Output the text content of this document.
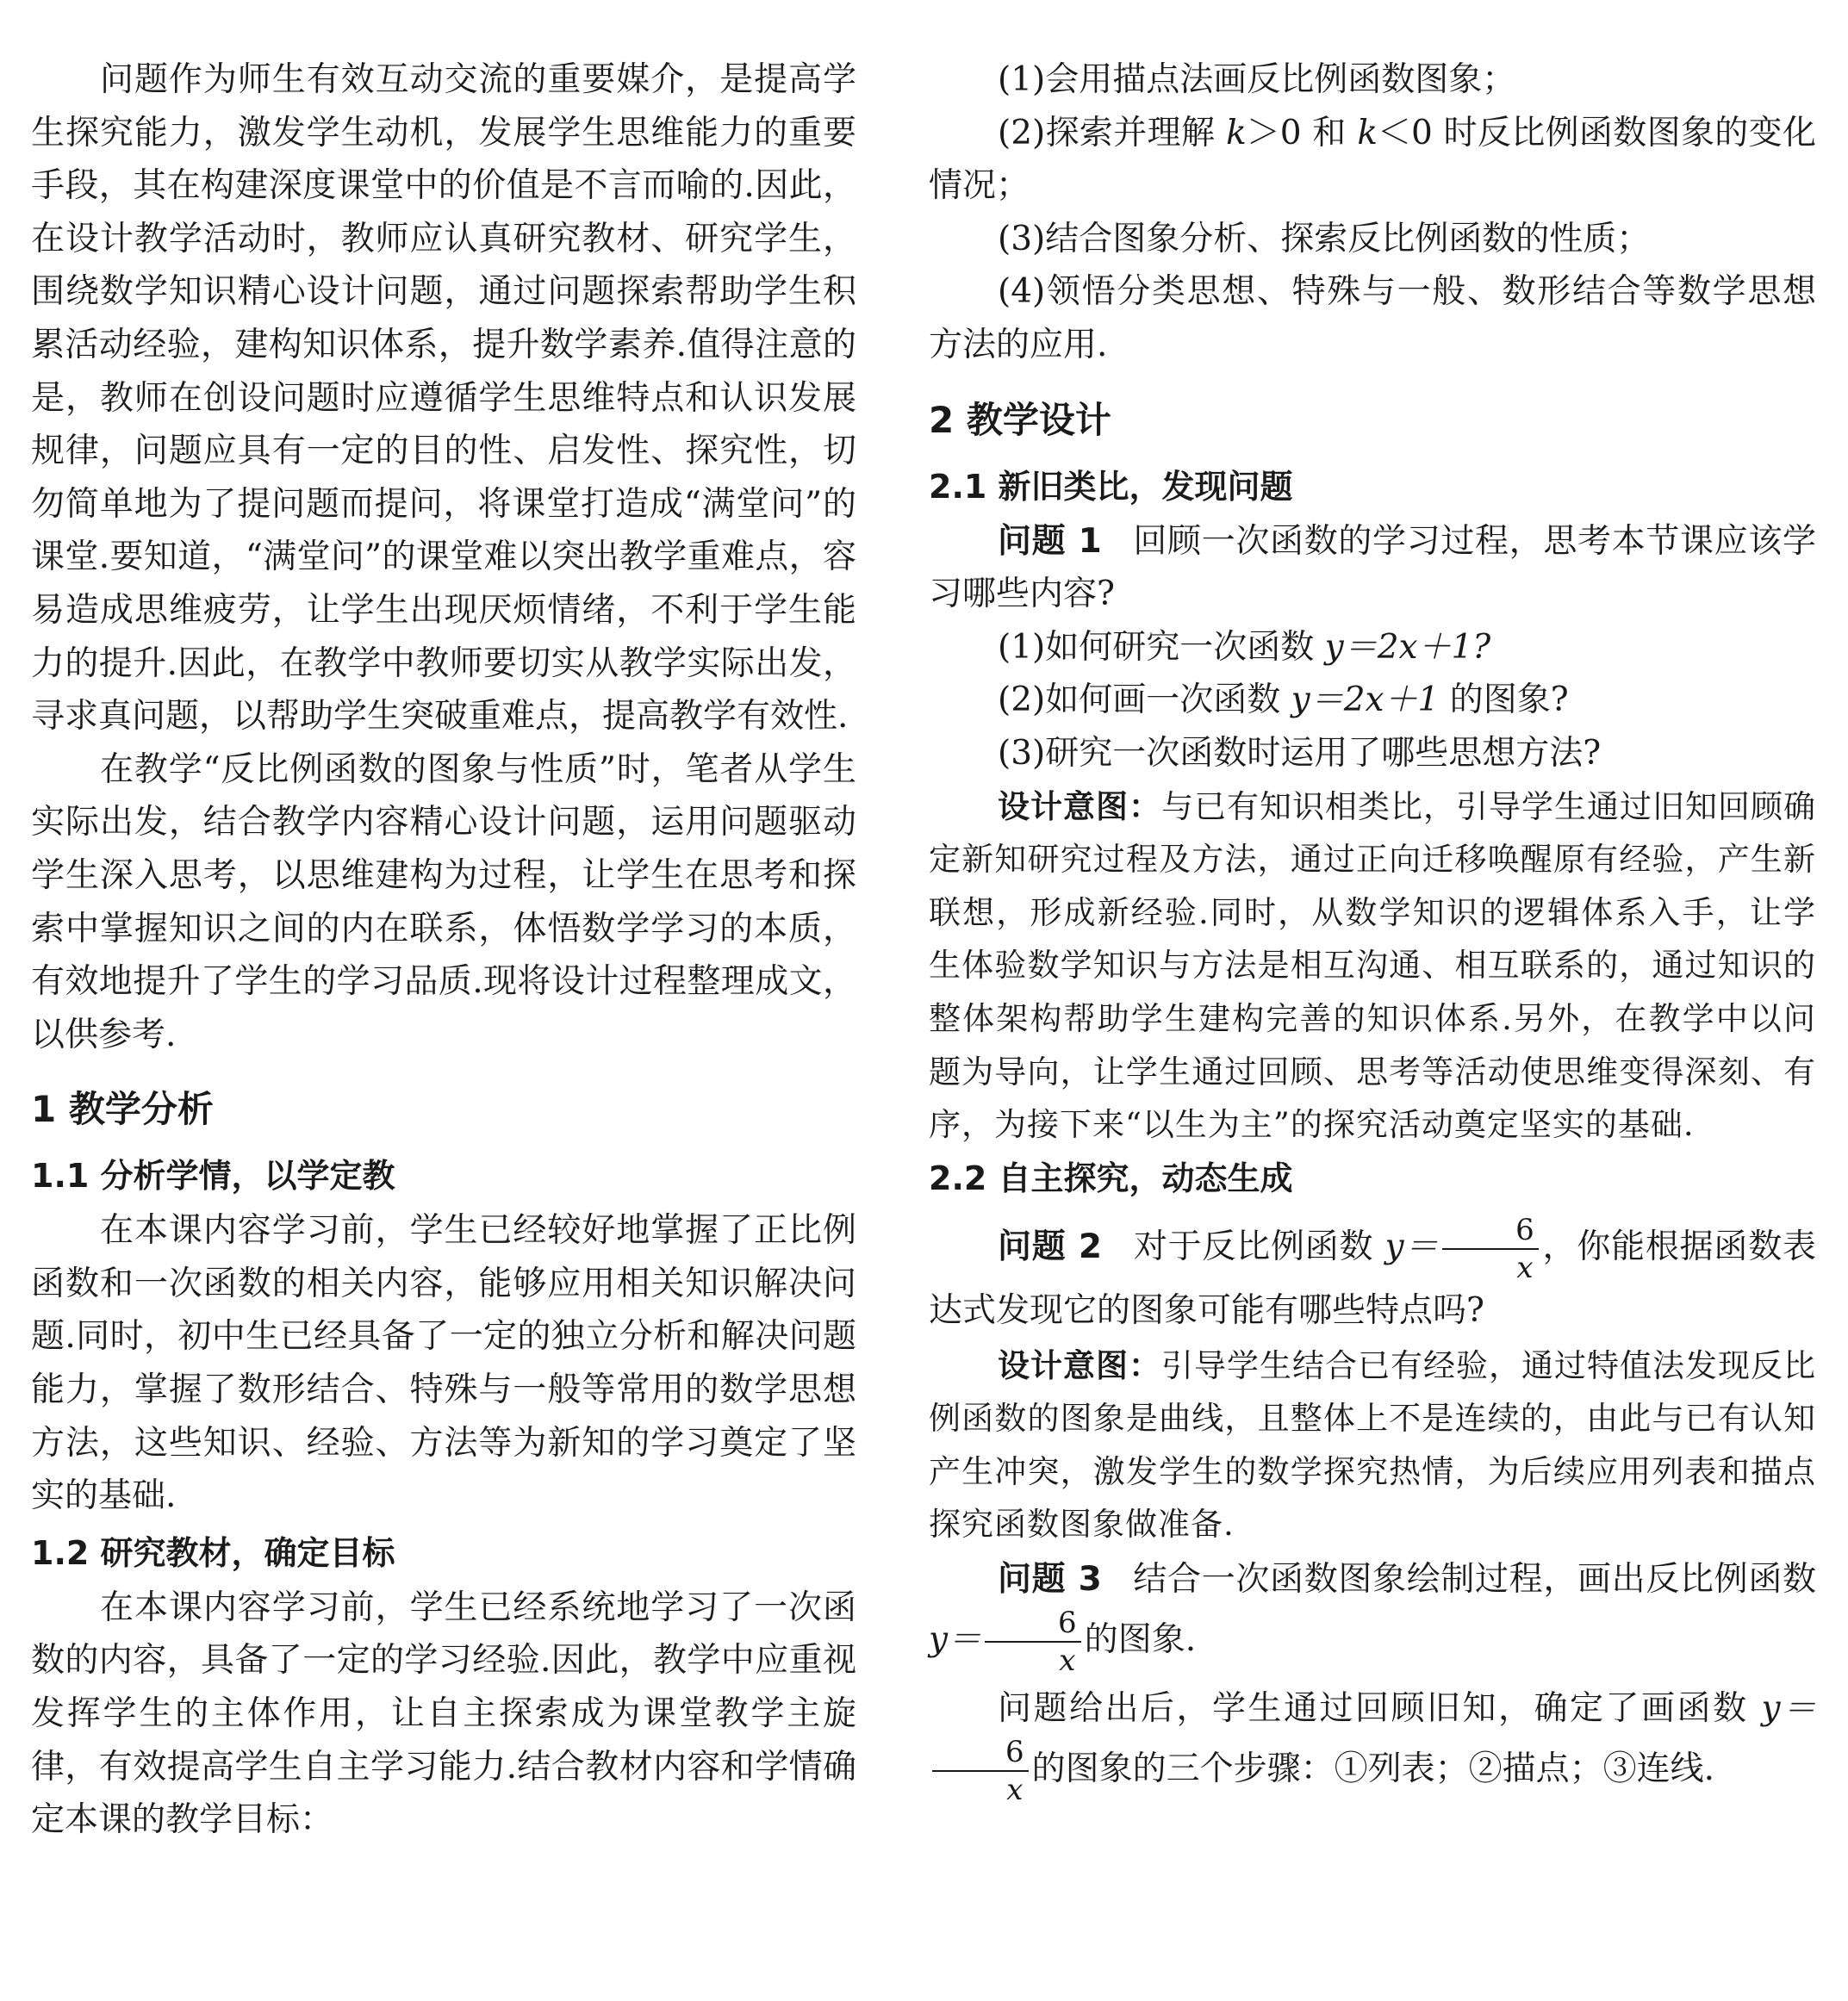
问题作为师生有效互动交流的重要媒介，是提高学生探究能力，激发学生动机，发展学生思维能力的重要手段，其在构建深度课堂中的价值是不言而喻的.因此，在设计教学活动时，教师应认真研究教材、研究学生，围绕数学知识精心设计问题，通过问题探索帮助学生积累活动经验，建构知识体系，提升数学素养.值得注意的是，教师在创设问题时应遵循学生思维特点和认识发展规律，问题应具有一定的目的性、启发性、探究性，切勿简单地为了提问题而提问，将课堂打造成“满堂问”的课堂.要知道，“满堂问”的课堂难以突出教学重难点，容易造成思维疲劳，让学生出现厌烦情绪，不利于学生能力的提升.因此，在教学中教师要切实从教学实际出发，寻求真问题，以帮助学生突破重难点，提高教学有效性.

在教学“反比例函数的图象与性质”时，笔者从学生实际出发，结合教学内容精心设计问题，运用问题驱动学生深入思考，以思维建构为过程，让学生在思考和探索中掌握知识之间的内在联系，体悟数学学习的本质，有效地提升了学生的学习品质.现将设计过程整理成文，以供参考.

1 教学分析
1.1 分析学情，以学定教

在本课内容学习前，学生已经较好地掌握了正比例函数和一次函数的相关内容，能够应用相关知识解决问题.同时，初中生已经具备了一定的独立分析和解决问题能力，掌握了数形结合、特殊与一般等常用的数学思想方法，这些知识、经验、方法等为新知的学习奠定了坚实的基础.

1.2 研究教材，确定目标

在本课内容学习前，学生已经系统地学习了一次函数的内容，具备了一定的学习经验.因此，教学中应重视发挥学生的主体作用，让自主探索成为课堂教学主旋律，有效提高学生自主学习能力.结合教材内容和学情确定本课的教学目标：

(1)会用描点法画反比例函数图象；

(2)探索并理解 k＞0 和 k＜0 时反比例函数图象的变化情况；

(3)结合图象分析、探索反比例函数的性质；

(4)领悟分类思想、特殊与一般、数形结合等数学思想方法的应用.

2 教学设计
2.1 新旧类比，发现问题

问题 1 回顾一次函数的学习过程，思考本节课应该学习哪些内容?

(1)如何研究一次函数 y＝2x＋1?

(2)如何画一次函数 y＝2x＋1 的图象?

(3)研究一次函数时运用了哪些思想方法?

设计意图：与已有知识相类比，引导学生通过旧知回顾确定新知研究过程及方法，通过正向迁移唤醒原有经验，产生新联想，形成新经验.同时，从数学知识的逻辑体系入手，让学生体验数学知识与方法是相互沟通、相互联系的，通过知识的整体架构帮助学生建构完善的知识体系.另外，在教学中以问题为导向，让学生通过回顾、思考等活动使思维变得深刻、有序，为接下来“以生为主”的探究活动奠定坚实的基础.

2.2 自主探究，动态生成

问题 2 对于反比例函数 $y= \frac{6}{x}$ ，你能根据函数表达式发现它的图象可能有哪些特点吗?

设计意图：引导学生结合已有经验，通过特值法发现反比例函数的图象是曲线，且整体上不是连续的，由此与已有认知产生冲突，激发学生的数学探究热情，为后续应用列表和描点探究函数图象做准备.

问题 3 结合一次函数图象绘制过程，画出反比例函数 $y= \frac{6}{x}$ 的图象.

问题给出后，学生通过回顾旧知，确定了画函数 y＝
$\frac{6}{x}$ 的图象的三个步骤：①列表；②描点；③连线.
